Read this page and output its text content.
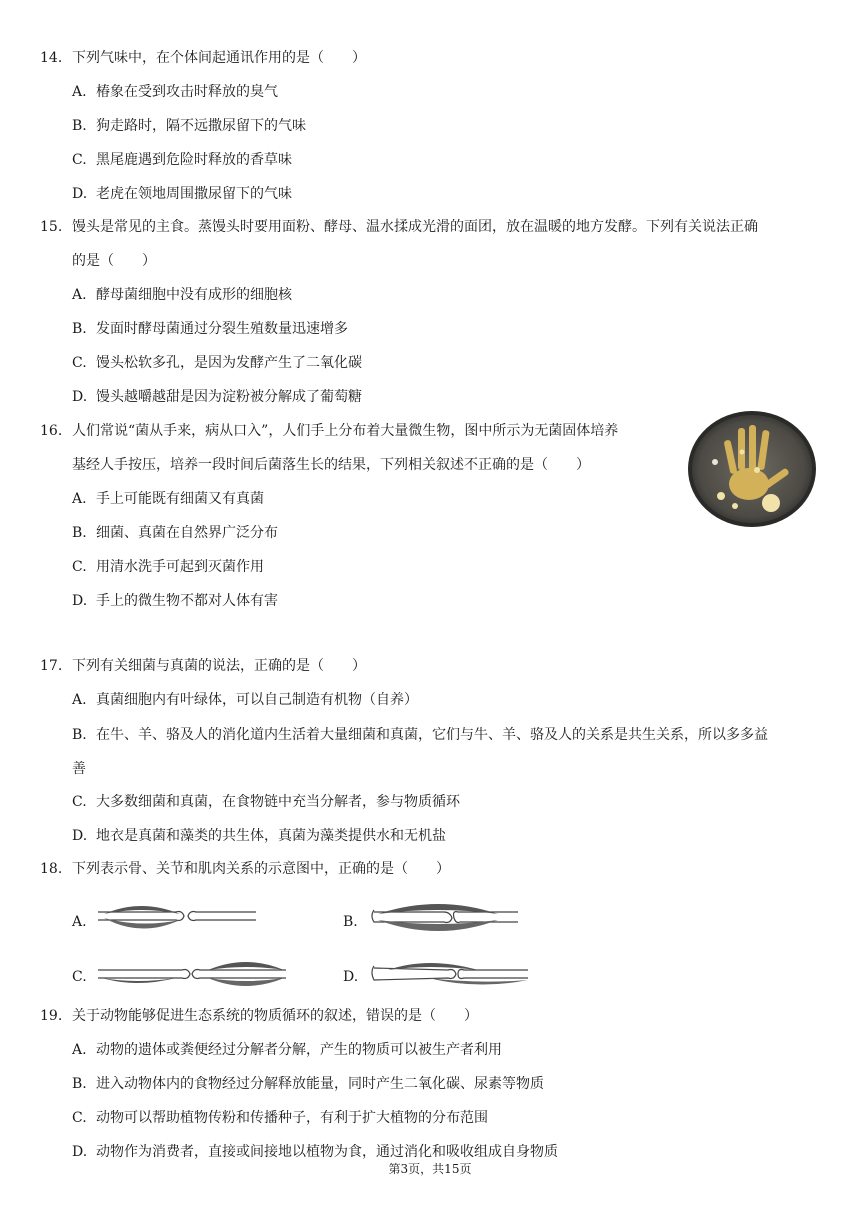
14. 下列气味中，在个体间起通讯作用的是（　　）
A. 椿象在受到攻击时释放的臭气
B. 狗走路时，隔不远撒尿留下的气味
C. 黑尾鹿遇到危险时释放的香草味
D. 老虎在领地周围撒尿留下的气味
15. 馒头是常见的主食。蒸馒头时要用面粉、酵母、温水揉成光滑的面团，放在温暖的地方发酵。下列有关说法正确
的是（　　）
A. 酵母菌细胞中没有成形的细胞核
B. 发面时酵母菌通过分裂生殖数量迅速增多
C. 馒头松软多孔，是因为发酵产生了二氧化碳
D. 馒头越嚼越甜是因为淀粉被分解成了葡萄糖
16. 人们常说“菌从手来，病从口入”，人们手上分布着大量微生物，图中所示为无菌固体培养
基经人手按压，培养一段时间后菌落生长的结果，下列相关叙述不正确的是（　　）
A. 手上可能既有细菌又有真菌
B. 细菌、真菌在自然界广泛分布
C. 用清水洗手可起到灭菌作用
D. 手上的微生物不都对人体有害
17. 下列有关细菌与真菌的说法，正确的是（　　）
A. 真菌细胞内有叶绿体，可以自己制造有机物（自养）
B. 在牛、羊、骆及人的消化道内生活着大量细菌和真菌，它们与牛、羊、骆及人的关系是共生关系，所以多多益
善
C. 大多数细菌和真菌，在食物链中充当分解者，参与物质循环
D. 地衣是真菌和藻类的共生体，真菌为藻类提供水和无机盐
18. 下列表示骨、关节和肌肉关系的示意图中，正确的是（　　）
A.	B.
C.	D.
19. 关于动物能够促进生态系统的物质循环的叙述，错误的是（　　）
A. 动物的遗体或粪便经过分解者分解，产生的物质可以被生产者利用
B. 进入动物体内的食物经过分解释放能量，同时产生二氧化碳、尿素等物质
C. 动物可以帮助植物传粉和传播种子，有利于扩大植物的分布范围
D. 动物作为消费者，直接或间接地以植物为食，通过消化和吸收组成自身物质
第3页，共15页
